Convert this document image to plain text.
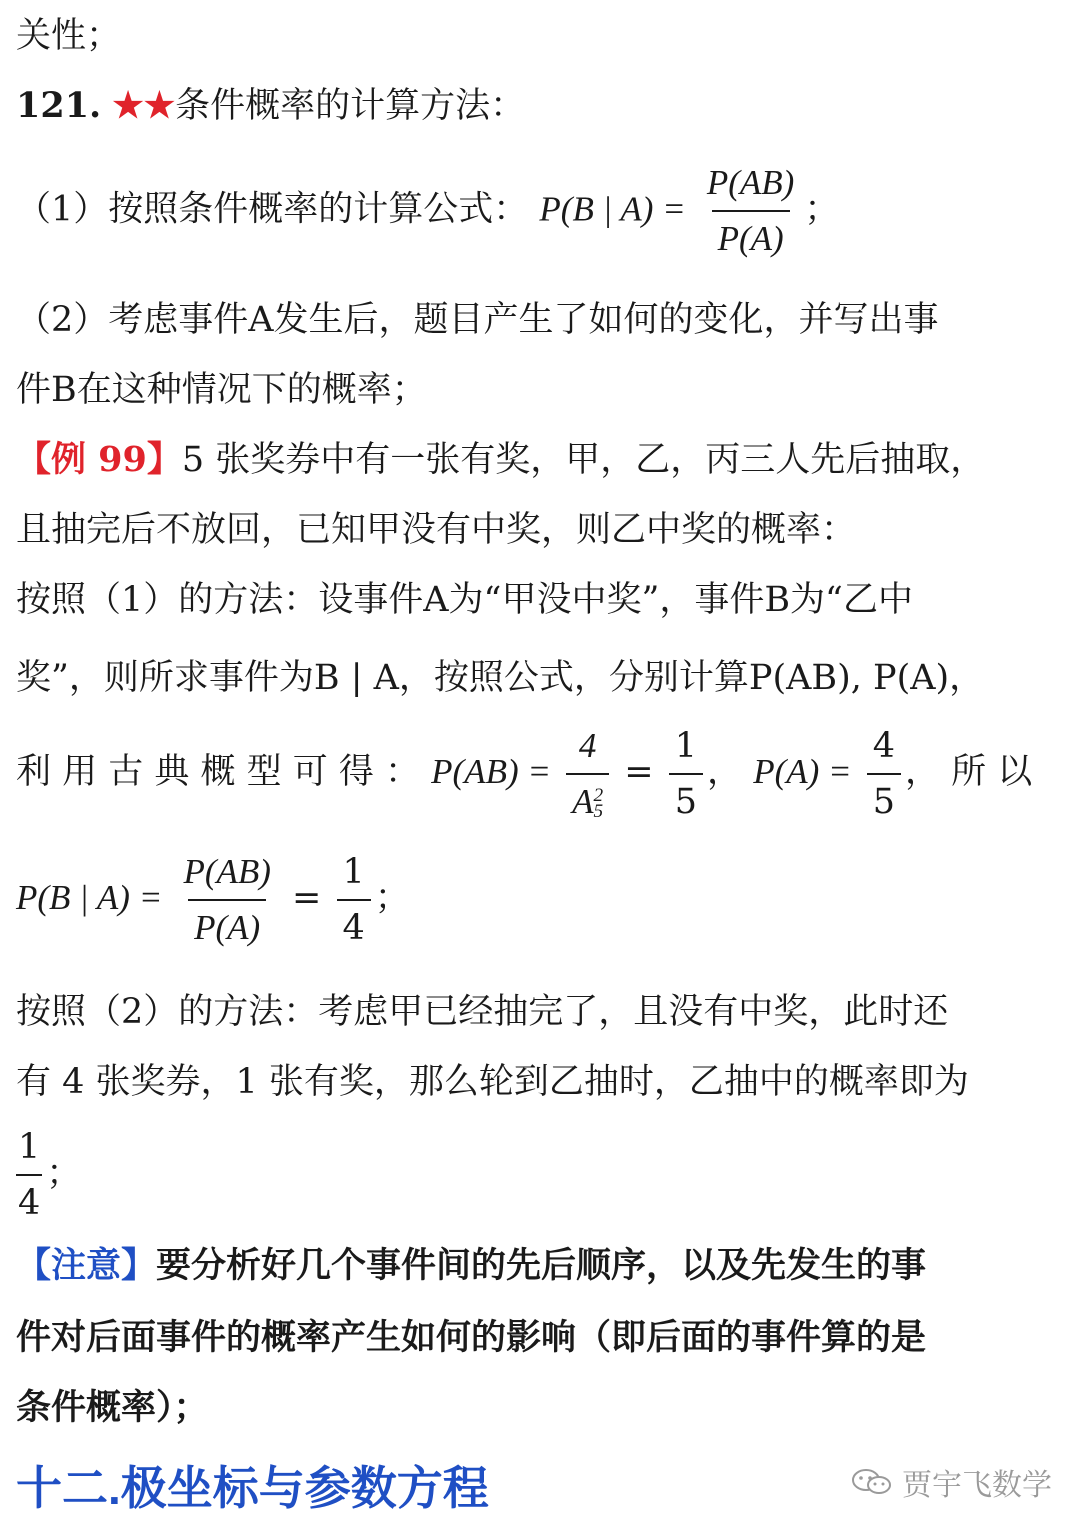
关性；
121. ★★条件概率的计算方法：
（1）按照条件概率的计算公式： P(B | $A) = \frac{P(AB)}{P(A)}$ ；
（2）考虑事件A发生后，题目产生了如何的变化，并写出事
件B在这种情况下的概率；
【例 99】5 张奖券中有一张有奖，甲，乙，丙三人先后抽取，
且抽完后不放回，已知甲没有中奖，则乙中奖的概率：
按照（1）的方法：设事件A为“甲没中奖”，事件B为“乙中
奖”，则所求事件为B | A，按照公式，分别计算P(AB), P(A)，
利 用 古 典 概 型 可 得 ： P(AB) = 4
A 2
$5 = \frac{1}{5}$ ， $P(A) = \frac{4}{5}$ ， 所 以
P(B | $A) = \frac{P(AB)}{P(A)} = \frac{1}{4}$ ；
按照（2）的方法：考虑甲已经抽完了，且没有中奖，此时还
有 4 张奖券，1 张有奖，那么轮到乙抽时，乙抽中的概率即为
$\frac{1}{4}$ ；
【注意】要分析好几个事件间的先后顺序，以及先发生的事
件对后面事件的概率产生如何的影响（即后面的事件算的是
条件概率）；
十二.极坐标与参数方程	贾宇飞数学
